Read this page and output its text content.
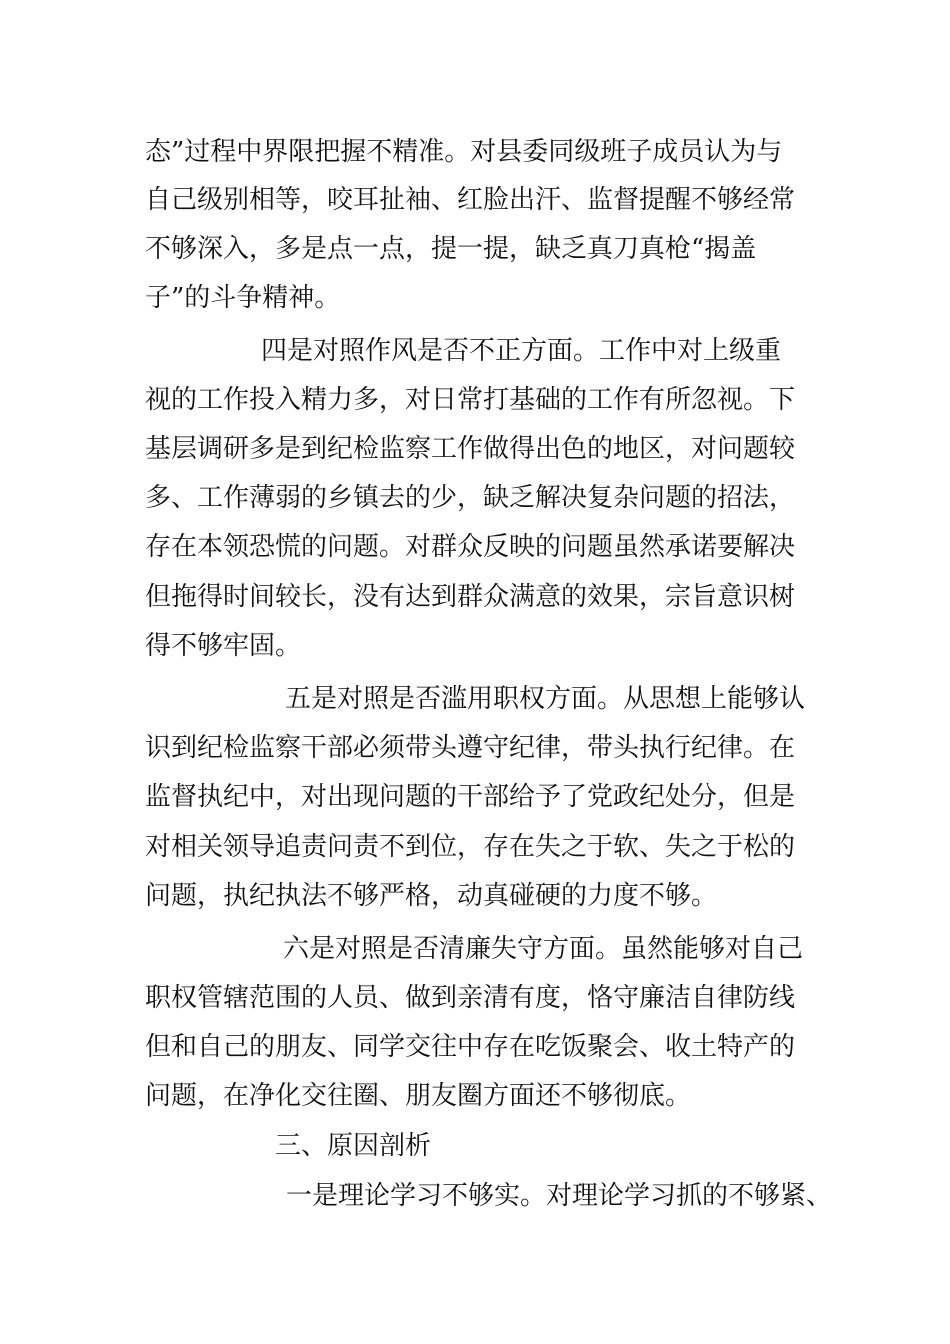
态”过程中界限把握不精准。对县委同级班子成员认为与
自己级别相等，咬耳扯袖、红脸出汗、监督提醒不够经常
不够深入，多是点一点，提一提，缺乏真刀真枪“揭盖
子”的斗争精神。
四是对照作风是否不正方面。工作中对上级重
视的工作投入精力多，对日常打基础的工作有所忽视。下
基层调研多是到纪检监察工作做得出色的地区，对问题较
多、工作薄弱的乡镇去的少，缺乏解决复杂问题的招法，
存在本领恐慌的问题。对群众反映的问题虽然承诺要解决
但拖得时间较长，没有达到群众满意的效果，宗旨意识树
得不够牢固。
五是对照是否滥用职权方面。从思想上能够认
识到纪检监察干部必须带头遵守纪律，带头执行纪律。在
监督执纪中，对出现问题的干部给予了党政纪处分，但是
对相关领导追责问责不到位，存在失之于软、失之于松的
问题，执纪执法不够严格，动真碰硬的力度不够。
六是对照是否清廉失守方面。虽然能够对自己
职权管辖范围的人员、做到亲清有度，恪守廉洁自律防线
但和自己的朋友、同学交往中存在吃饭聚会、收土特产的
问题，在净化交往圈、朋友圈方面还不够彻底。
三、原因剖析
一是理论学习不够实。对理论学习抓的不够紧、
